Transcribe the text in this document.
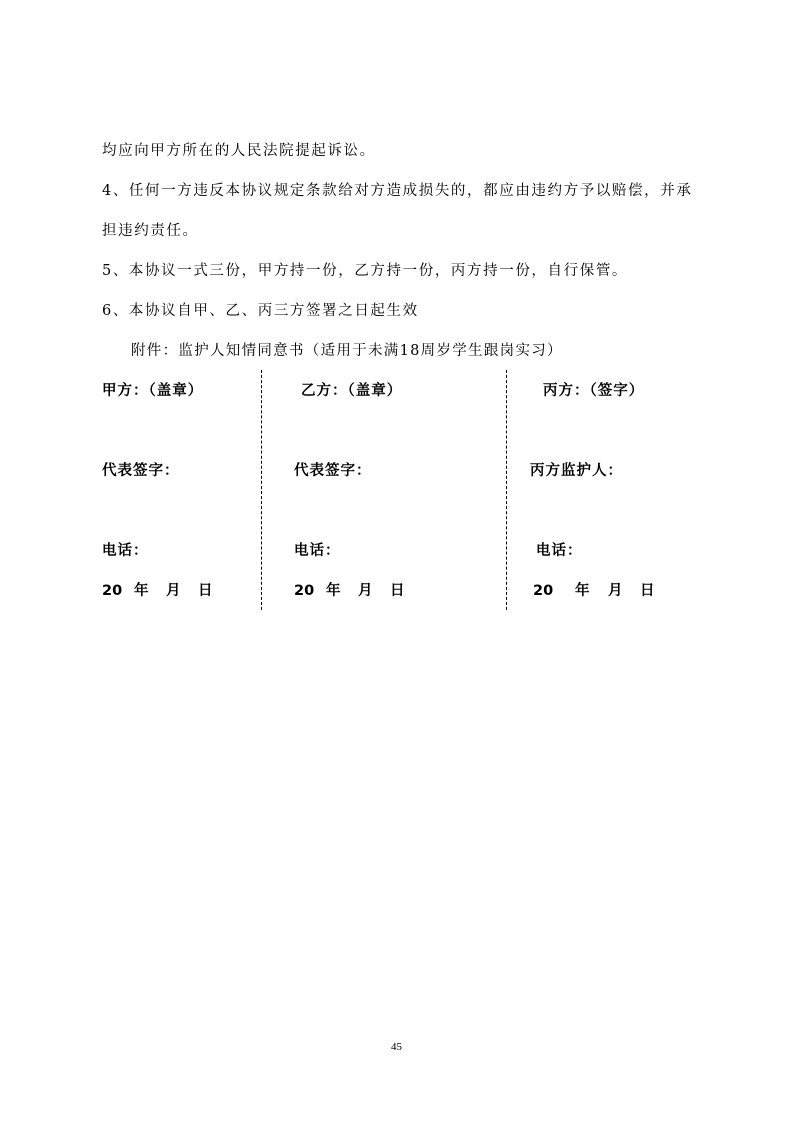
均应向甲方所在的人民法院提起诉讼。
4、任何一方违反本协议规定条款给对方造成损失的，都应由违约方予以赔偿，并承
担违约责任。
5、本协议一式三份，甲方持一份，乙方持一份，丙方持一份，自行保管。
6、本协议自甲、乙、丙三方签署之日起生效
附件：监护人知情同意书（适用于未满18周岁学生跟岗实习）
甲方：（盖章）
代表签字：
电话：
20 年 月 日
乙方：（盖章）
代表签字：
电话：
20 年 月 日
丙方：（签字）
丙方监护人：
电话：
20 年 月 日
45
